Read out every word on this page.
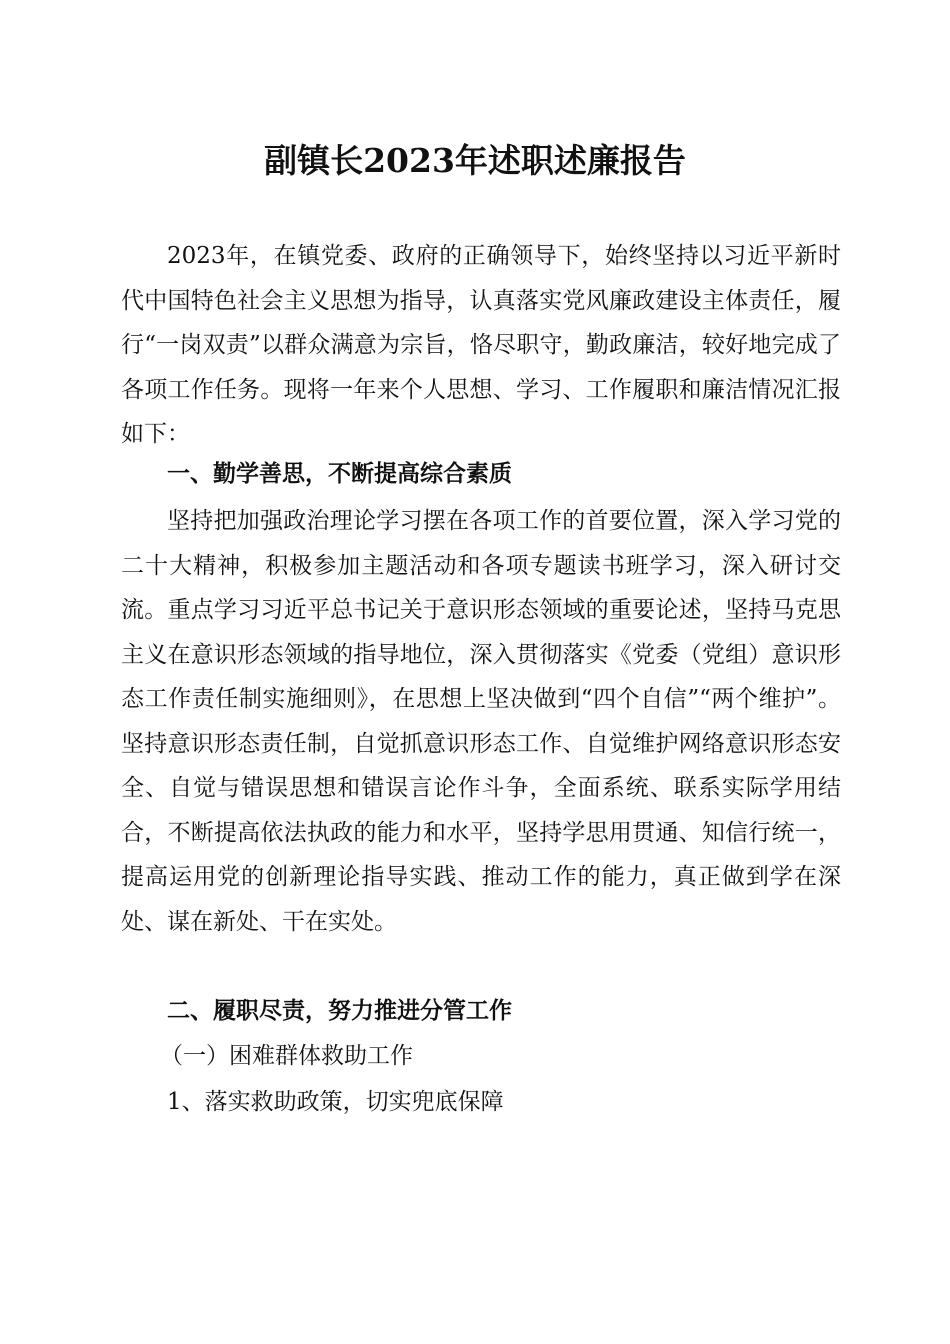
副镇长2023年述职述廉报告

2023年，在镇党委、政府的正确领导下，始终坚持以习近平新时代中国特色社会主义思想为指导，认真落实党风廉政建设主体责任，履行“一岗双责”以群众满意为宗旨，恪尽职守，勤政廉洁，较好地完成了各项工作任务。现将一年来个人思想、学习、工作履职和廉洁情况汇报如下：

一、勤学善思，不断提高综合素质

坚持把加强政治理论学习摆在各项工作的首要位置，深入学习党的二十大精神，积极参加主题活动和各项专题读书班学习，深入研讨交流。重点学习习近平总书记关于意识形态领域的重要论述，坚持马克思主义在意识形态领域的指导地位，深入贯彻落实《党委（党组）意识形态工作责任制实施细则》，在思想上坚决做到“四个自信”“两个维护”。坚持意识形态责任制，自觉抓意识形态工作、自觉维护网络意识形态安全、自觉与错误思想和错误言论作斗争，全面系统、联系实际学用结合，不断提高依法执政的能力和水平，坚持学思用贯通、知信行统一，提高运用党的创新理论指导实践、推动工作的能力，真正做到学在深处、谋在新处、干在实处。

二、履职尽责，努力推进分管工作

（一）困难群体救助工作

1、落实救助政策，切实兜底保障
